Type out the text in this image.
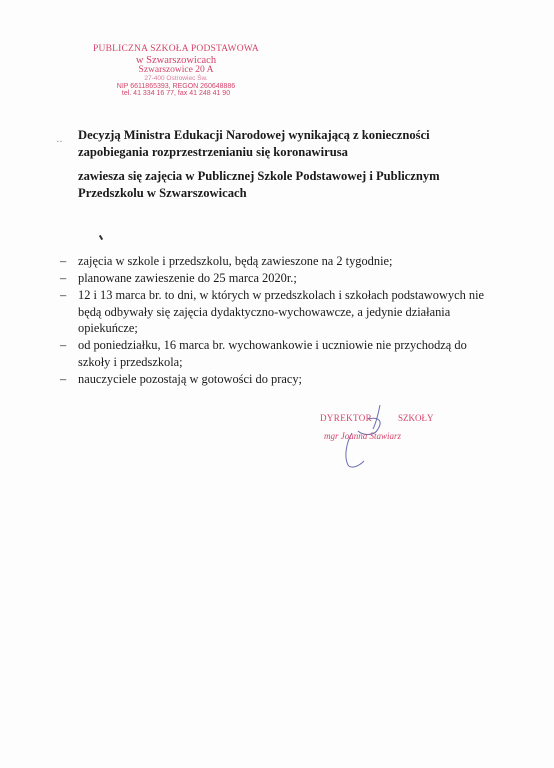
PUBLICZNA SZKOŁA PODSTAWOWA
w Szwarszowicach
Szwarszowice 20 A
27-400 Ostrowiec Św.
NIP 6611865393, REGON 260648886
tel. 41 334 16 77, fax 41 248 41 90
‥ Decyzją Ministra Edukacji Narodowej wynikającą z konieczności
zapobiegania rozprzestrzenianiu się koronawirusa
zawiesza się zajęcia w Publicznej Szkole Podstawowej i Publicznym
Przedszkolu w Szwarszowicach
– zajęcia w szkole i przedszkolu, będą zawieszone na 2 tygodnie;
– planowane zawieszenie do 25 marca 2020r.;
– 12 i 13 marca br. to dni, w których w przedszkolach i szkołach podstawowych nie będą odbywały się zajęcia dydaktyczno-wychowawcze, a jedynie działania opiekuńcze;
– od poniedziałku, 16 marca br. wychowankowie i uczniowie nie przychodzą do szkoły i przedszkola;
– nauczyciele pozostają w gotowości do pracy;
DYREKTOR	SZKOŁY
mgr Joanna Stawiarz
